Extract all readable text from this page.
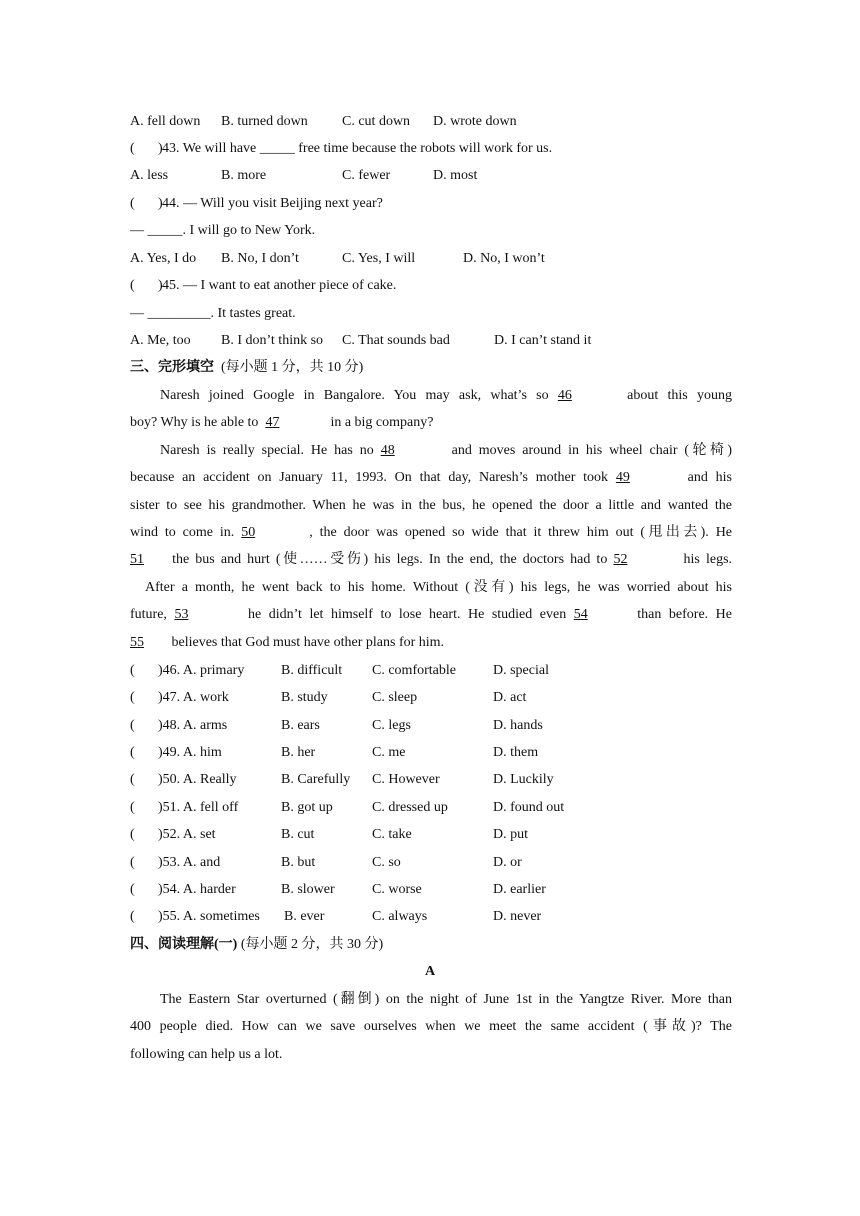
A. fell down B. turned down C. cut down D. wrote down
( ) 43. We will have _____ free time because the robots will work for us.
A. less	B. more	C. fewer	D. most
( ) 44. — Will you visit Beijing next year?
— _____. I will go to New York.
A. Yes, I do B. No, I don’t	C. Yes, I will	D. No, I won’t
( ) 45. — I want to eat another piece of cake.
— _________. It tastes great.
A. Me, too B. I don’t think so C. That sounds bad	D. I can’t stand it
三、完形填空 (每小题 1 分，共 10 分)
Naresh joined Google in Bangalore. You may ask, what’s so 46	about this young
boy? Why is he able to 47	in a big company?
Naresh is really special. He has no 48	and moves around in his wheel chair (轮椅)
because an accident on January 11, 1993. On that day, Naresh’s mother took 49	and his
sister to see his grandmother. When he was in the bus, he opened the door a little and wanted the
wind to come in. 50	, the door was opened so wide that it threw him out (甩出去). He
51 the bus and hurt (使……受伤) his legs. In the end, the doctors had to 52	his legs.
After a month, he went back to his home. Without (没有) his legs, he was worried about his
future, 53	he didn’t let himself to lose heart. He studied even 54	than before. He
55 believes that God must have other plans for him.
( )46. A. primary	B. difficult C. comfortable	D. special
( )47. A. work	B. study	C. sleep	D. act
( )48. A. arms	B. ears	C. legs	D. hands
( )49. A. him	B. her	C. me	D. them
( )50. A. Really	B. Carefully C. However	D. Luckily
( )51. A. fell off	B. got up	C. dressed up	D. found out
( )52. A. set	B. cut	C. take	D. put
( )53. A. and	B. but	C. so	D. or
( )54. A. harder	B. slower	C. worse	D. earlier
( )55. A. sometimes B. ever	C. always	D. never
四、阅读理解(一) (每小题 2 分，共 30 分)
A
The Eastern Star overturned (翻倒) on the night of June 1st in the Yangtze River. More than
400 people died. How can we save ourselves when we meet the same accident (事故)? The
following can help us a lot.
